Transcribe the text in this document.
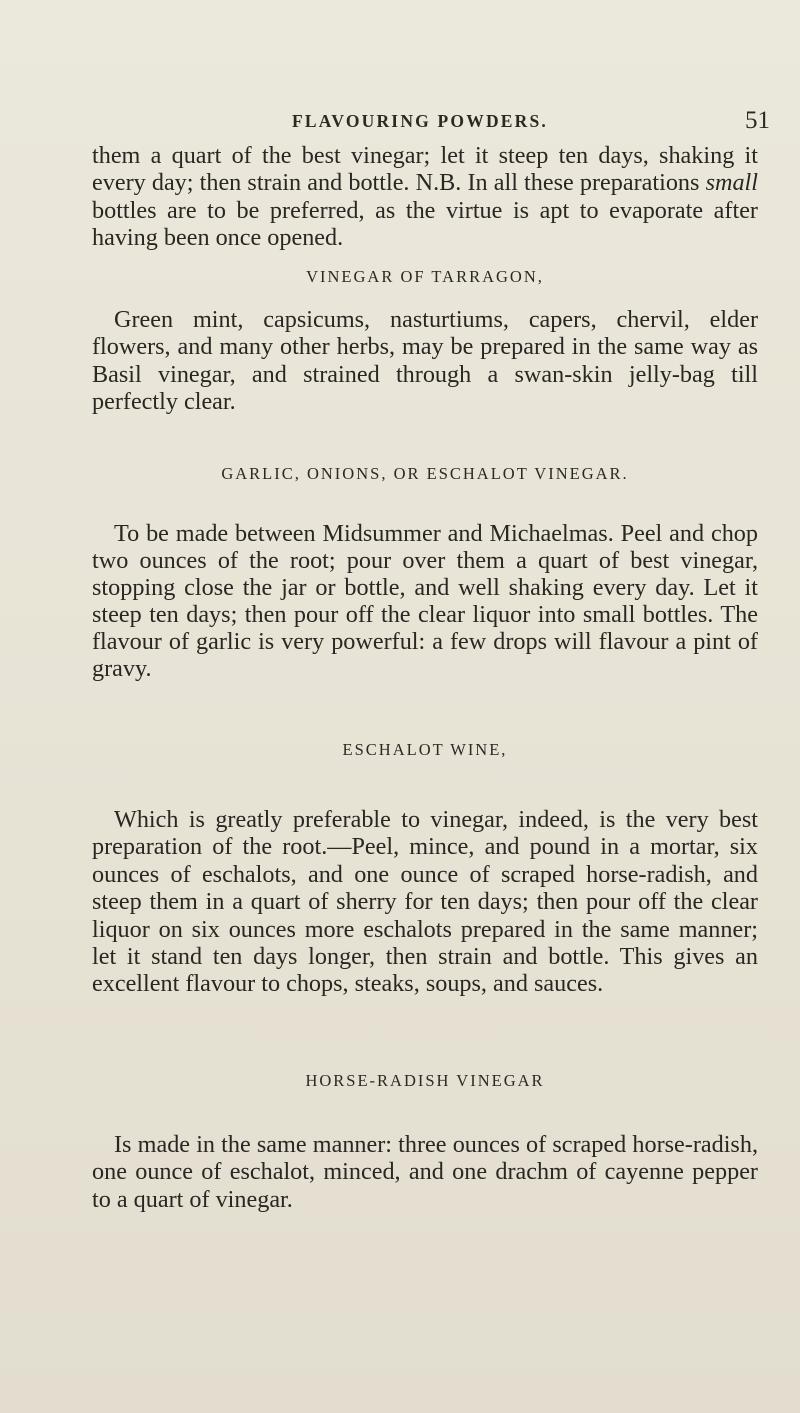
FLAVOURING POWDERS.	51

them a quart of the best vinegar; let it steep ten days, shaking it every day; then strain and bottle. N.B. In all these preparations small bottles are to be preferred, as the virtue is apt to evaporate after having been once opened.

VINEGAR OF TARRAGON,

Green mint, capsicums, nasturtiums, capers, chervil, elder flowers, and many other herbs, may be prepared in the same way as Basil vinegar, and strained through a swan-skin jelly-bag till perfectly clear.

GARLIC, ONIONS, OR ESCHALOT VINEGAR.

To be made between Midsummer and Michaelmas. Peel and chop two ounces of the root; pour over them a quart of best vinegar, stopping close the jar or bottle, and well shaking every day. Let it steep ten days; then pour off the clear liquor into small bottles. The flavour of garlic is very powerful: a few drops will flavour a pint of gravy.

ESCHALOT WINE,

Which is greatly preferable to vinegar, indeed, is the very best preparation of the root.—Peel, mince, and pound in a mortar, six ounces of eschalots, and one ounce of scraped horse-radish, and steep them in a quart of sherry for ten days; then pour off the clear liquor on six ounces more eschalots prepared in the same manner; let it stand ten days longer, then strain and bottle. This gives an excellent flavour to chops, steaks, soups, and sauces.

HORSE-RADISH VINEGAR

Is made in the same manner: three ounces of scraped horse-radish, one ounce of eschalot, minced, and one drachm of cayenne pepper to a quart of vinegar.
